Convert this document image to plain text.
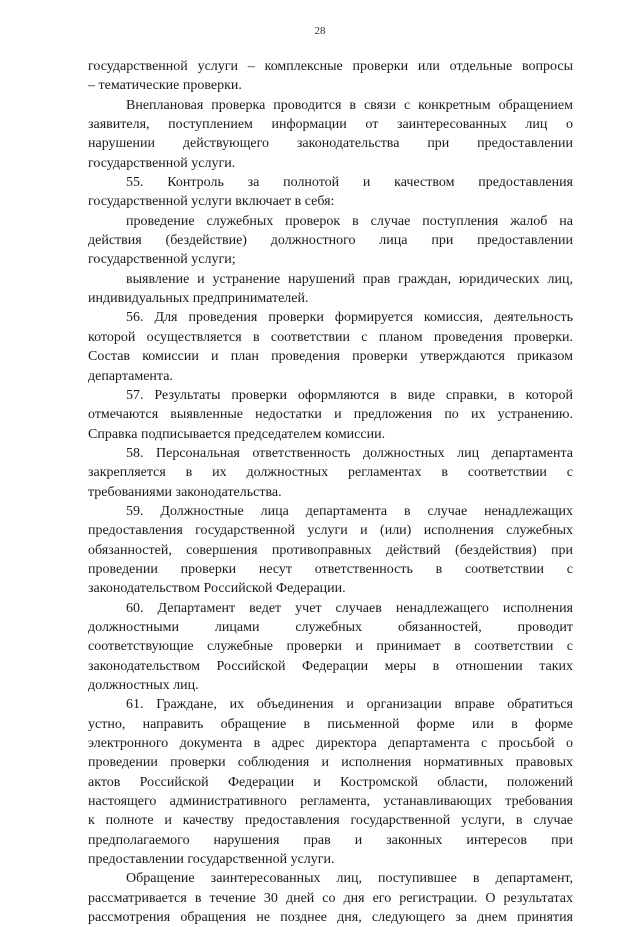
28
государственной услуги – комплексные проверки или отдельные вопросы
– тематические проверки.
Внеплановая проверка проводится в связи с конкретным обращением
заявителя, поступлением информации от заинтересованных лиц о
нарушении действующего законодательства при предоставлении
государственной услуги.
55. Контроль за полнотой и качеством предоставления
государственной услуги включает в себя:
проведение служебных проверок в случае поступления жалоб на
действия (бездействие) должностного лица при предоставлении
государственной услуги;
выявление и устранение нарушений прав граждан, юридических лиц,
индивидуальных предпринимателей.
56. Для проведения проверки формируется комиссия, деятельность
которой осуществляется в соответствии с планом проведения проверки.
Состав комиссии и план проведения проверки утверждаются приказом
департамента.
57. Результаты проверки оформляются в виде справки, в которой
отмечаются выявленные недостатки и предложения по их устранению.
Справка подписывается председателем комиссии.
58. Персональная ответственность должностных лиц департамента
закрепляется в их должностных регламентах в соответствии с
требованиями законодательства.
59. Должностные лица департамента в случае ненадлежащих
предоставления государственной услуги и (или) исполнения служебных
обязанностей, совершения противоправных действий (бездействия) при
проведении проверки несут ответственность в соответствии с
законодательством Российской Федерации.
60. Департамент ведет учет случаев ненадлежащего исполнения
должностными лицами служебных обязанностей, проводит
соответствующие служебные проверки и принимает в соответствии с
законодательством Российской Федерации меры в отношении таких
должностных лиц.
61. Граждане, их объединения и организации вправе обратиться
устно, направить обращение в письменной форме или в форме
электронного документа в адрес директора департамента с просьбой о
проведении проверки соблюдения и исполнения нормативных правовых
актов Российской Федерации и Костромской области, положений
настоящего административного регламента, устанавливающих требования
к полноте и качеству предоставления государственной услуги, в случае
предполагаемого нарушения прав и законных интересов при
предоставлении государственной услуги.
Обращение заинтересованных лиц, поступившее в департамент,
рассматривается в течение 30 дней со дня его регистрации. О результатах
рассмотрения обращения не позднее дня, следующего за днем принятия
